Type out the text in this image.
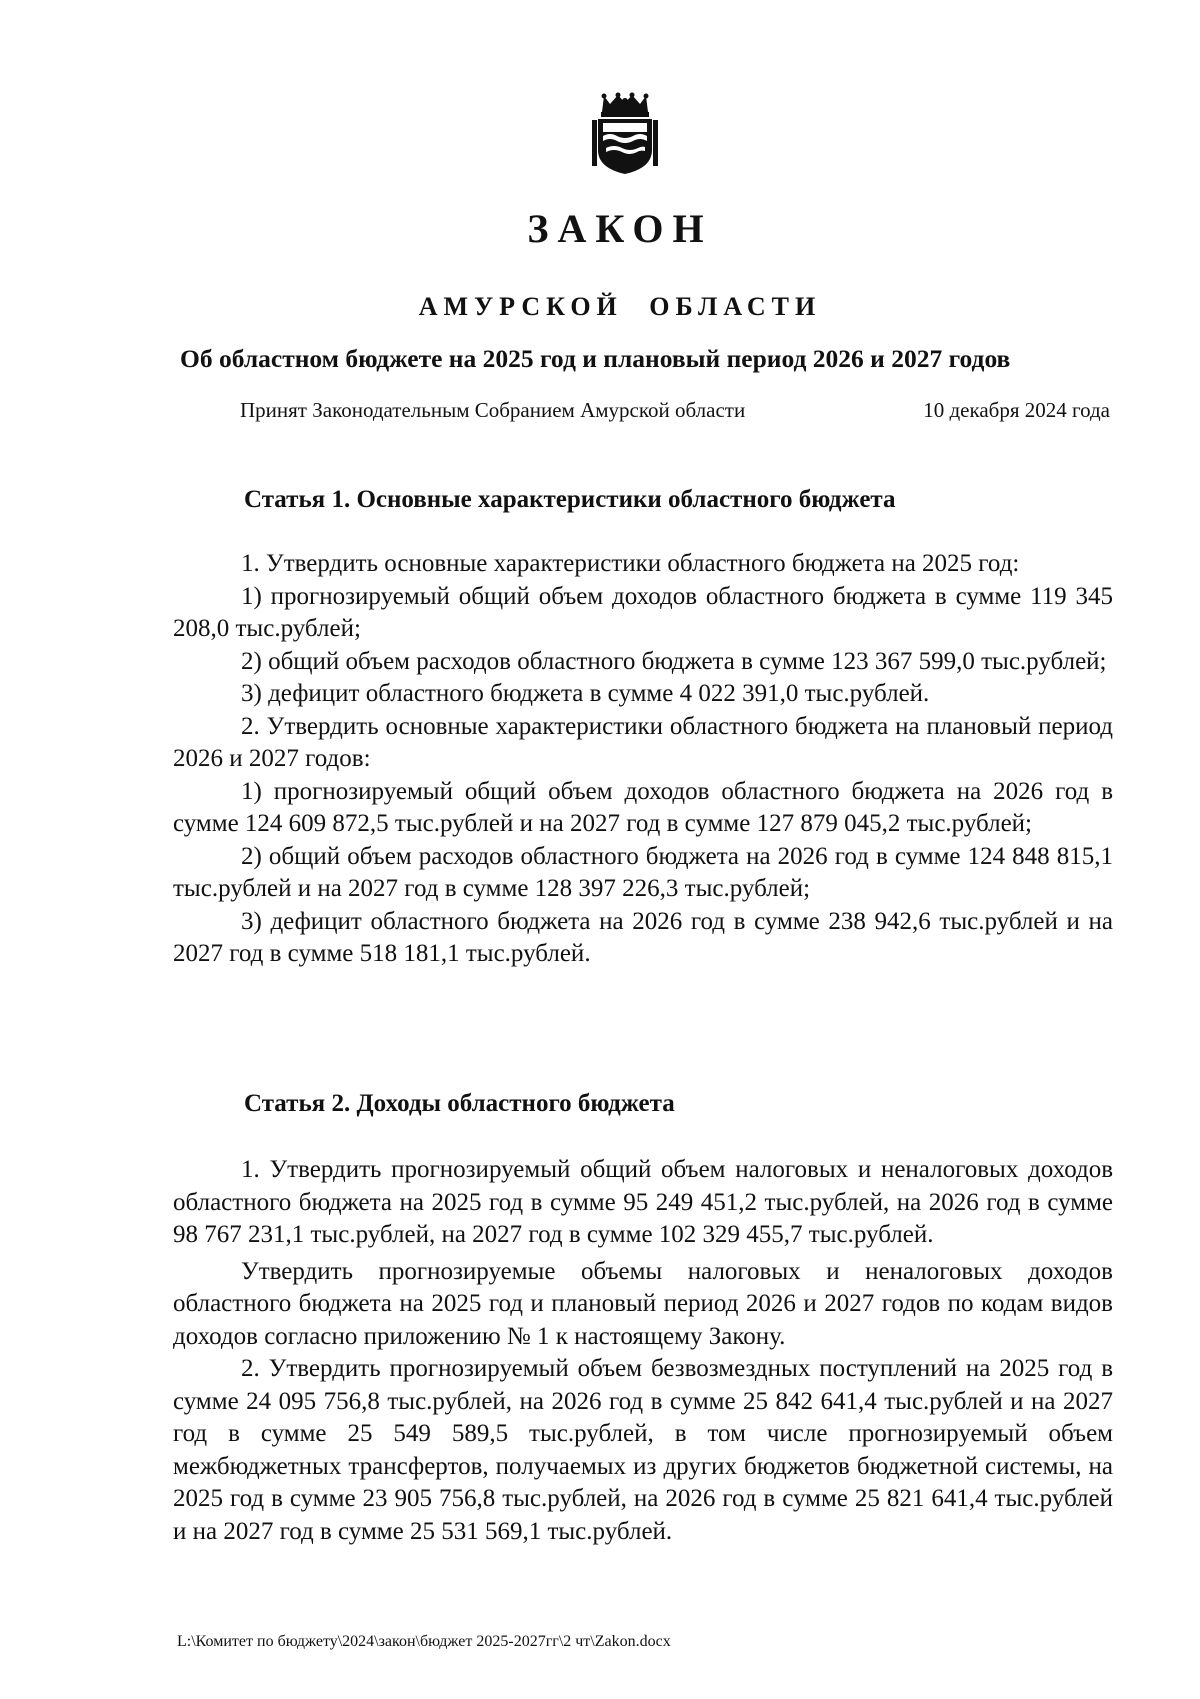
ЗАКОН
АМУРСКОЙ ОБЛАСТИ
Об областном бюджете на 2025 год и плановый период 2026 и 2027 годов
Принят Законодательным Собранием Амурской области	10 декабря 2024 года
Статья 1. Основные характеристики областного бюджета

1. Утвердить основные характеристики областного бюджета на 2025 год:

1) прогнозируемый общий объем доходов областного бюджета в сумме 119 345 208,0 тыс.рублей;

2) общий объем расходов областного бюджета в сумме 123 367 599,0 тыс.рублей;

3) дефицит областного бюджета в сумме 4 022 391,0 тыс.рублей.

2. Утвердить основные характеристики областного бюджета на плановый период 2026 и 2027 годов:

1) прогнозируемый общий объем доходов областного бюджета на 2026 год в сумме 124 609 872,5 тыс.рублей и на 2027 год в сумме 127 879 045,2 тыс.рублей;

2) общий объем расходов областного бюджета на 2026 год в сумме 124 848 815,1 тыс.рублей и на 2027 год в сумме 128 397 226,3 тыс.рублей;

3) дефицит областного бюджета на 2026 год в сумме 238 942,6 тыс.рублей и на 2027 год в сумме 518 181,1 тыс.рублей.

Статья 2. Доходы областного бюджета

1. Утвердить прогнозируемый общий объем налоговых и неналоговых доходов областного бюджета на 2025 год в сумме 95 249 451,2 тыс.рублей, на 2026 год в сумме 98 767 231,1 тыс.рублей, на 2027 год в сумме 102 329 455,7 тыс.рублей.

Утвердить прогнозируемые объемы налоговых и неналоговых доходов областного бюджета на 2025 год и плановый период 2026 и 2027 годов по кодам видов доходов согласно приложению № 1 к настоящему Закону.

2. Утвердить прогнозируемый объем безвозмездных поступлений на 2025 год в сумме 24 095 756,8 тыс.рублей, на 2026 год в сумме 25 842 641,4 тыс.рублей и на 2027 год в сумме 25 549 589,5 тыс.рублей, в том числе прогнозируемый объем межбюджетных трансфертов, получаемых из других бюджетов бюджетной системы, на 2025 год в сумме 23 905 756,8 тыс.рублей, на 2026 год в сумме 25 821 641,4 тыс.рублей и на 2027 год в сумме 25 531 569,1 тыс.рублей.

L:\Комитет по бюджету\2024\закон\бюджет 2025-2027гг\2 чт\Zakon.docx
